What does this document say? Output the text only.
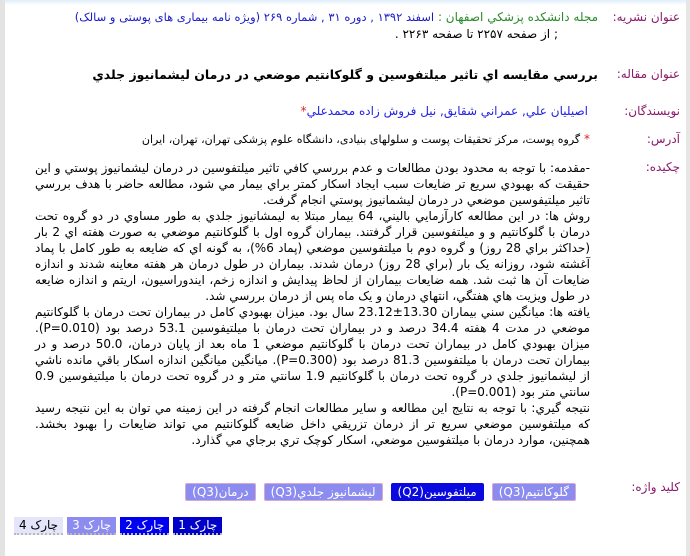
عنوان نشریه:
مجله دانشکده پزشکي اصفهان : اسفند ۱۳۹۲ , دوره ۳۱ , شماره ۲۶۹ (ویژه نامه بیماری های پوستی و سالک)
; از صفحه ۲۲۵۷ تا صفحه ۲۲۶۳ .
عنوان مقاله:
بررسي مقايسه اي تاثير ميلتفوسين و گلوكانتيم موضعي در درمان ليشمانيوز جلدي
نويسندگان:
اصيليان علي, عمراني شقايق, نيل فروش زاده محمدعلي*
آدرس:
* گروه پوست، مرکز تحقیقات پوست و سلولهای بنیادی، دانشگاه علوم پزشکی تهران، تهران، ایران
چكيده:

-مقدمه: با توجه به محدود بودن مطالعات و عدم بررسي كافي تاثير ميلتفوسين در درمان ليشمانيوز پوستي و اين حقيقت كه بهبودي سريع تر ضايعات سبب ايجاد اسكار كمتر براي بيمار مي شود، مطالعه حاضر با هدف بررسي تاثير ميلتيفوسين موضعي در درمان ليشمانيوز پوستي انجام گرفت.

روش ها: در اين مطالعه كارآزمايي باليني، 64 بيمار مبتلا به ليمشانيوز جلدي به طور مساوي در دو گروه تحت درمان با گلوكانتيم و و ميلتفوسين قرار گرفتند. بيماران گروه اول با گلوكانتيم موضعي به صورت هفته اي 2 بار (حداكثر براي 28 روز) و گروه دوم با ميلتفوسين موضعي (پماد 6%)، به گونه اي كه ضايعه به طور كامل با پماد آغشته شود، روزانه يک بار (براي 28 روز) درمان شدند. بيماران در طول درمان هر هفته معاينه شدند و اندازه ضايعات آن ها ثبت شد. همه ضايعات بيماران از لحاظ پيدايش و اندازه زخم، ايندوراسيون، اريتم و اندازه ضايعه در طول ويزيت هاي هفتگي، انتهاي درمان و يک ماه پس از درمان بررسي شد.

يافته ها: ميانگين سني بيماران 13.30±23.12 سال بود. ميزان بهبودي كامل در بيماران تحت درمان با گلوكانتيم موضعي در مدت 4 هفته 34.4 درصد و در بيماران تحت درمان با ميلتيفوسين 53.1 درصد بود (P=0.010). ميزان بهبودي كامل در بيماران تحت درمان با گلوكانتيم موضعي 1 ماه بعد از پايان درمان، 50.0 درصد و در بيماران تحت درمان با ميلتفوسين 81.3 درصد بود (P=0.300). ميانگين ميانگين اندازه اسكار باقي مانده ناشي از ليشمانيوز جلدي در گروه تحت درمان با گلوكانتيم 1.9 سانتي متر و در گروه تحت درمان با ميلتيفوسين 0.9 سانتي متر بود (P=0.001).

نتيجه گيري: با توجه به نتايج اين مطالعه و ساير مطالعات انجام گرفته در اين زمينه مي توان به اين نتيجه رسيد كه ميلتفوسين موضعي سريع تر از درمان تزريقي داخل ضايعه گلوكانتيم مي تواند ضايعات را بهبود بخشد. همچنين، موارد درمان با ميلتفوسين موضعي، اسكار كوچک تري برجاي مي گذارد.

كليد واژه:
گلوكانتيم(Q3)
ميلتفوسين(Q2)
ليشمانيوز جلدي(Q3)
درمان(Q3)
چارک 1
چارک 2
چارک 3
چارک 4
